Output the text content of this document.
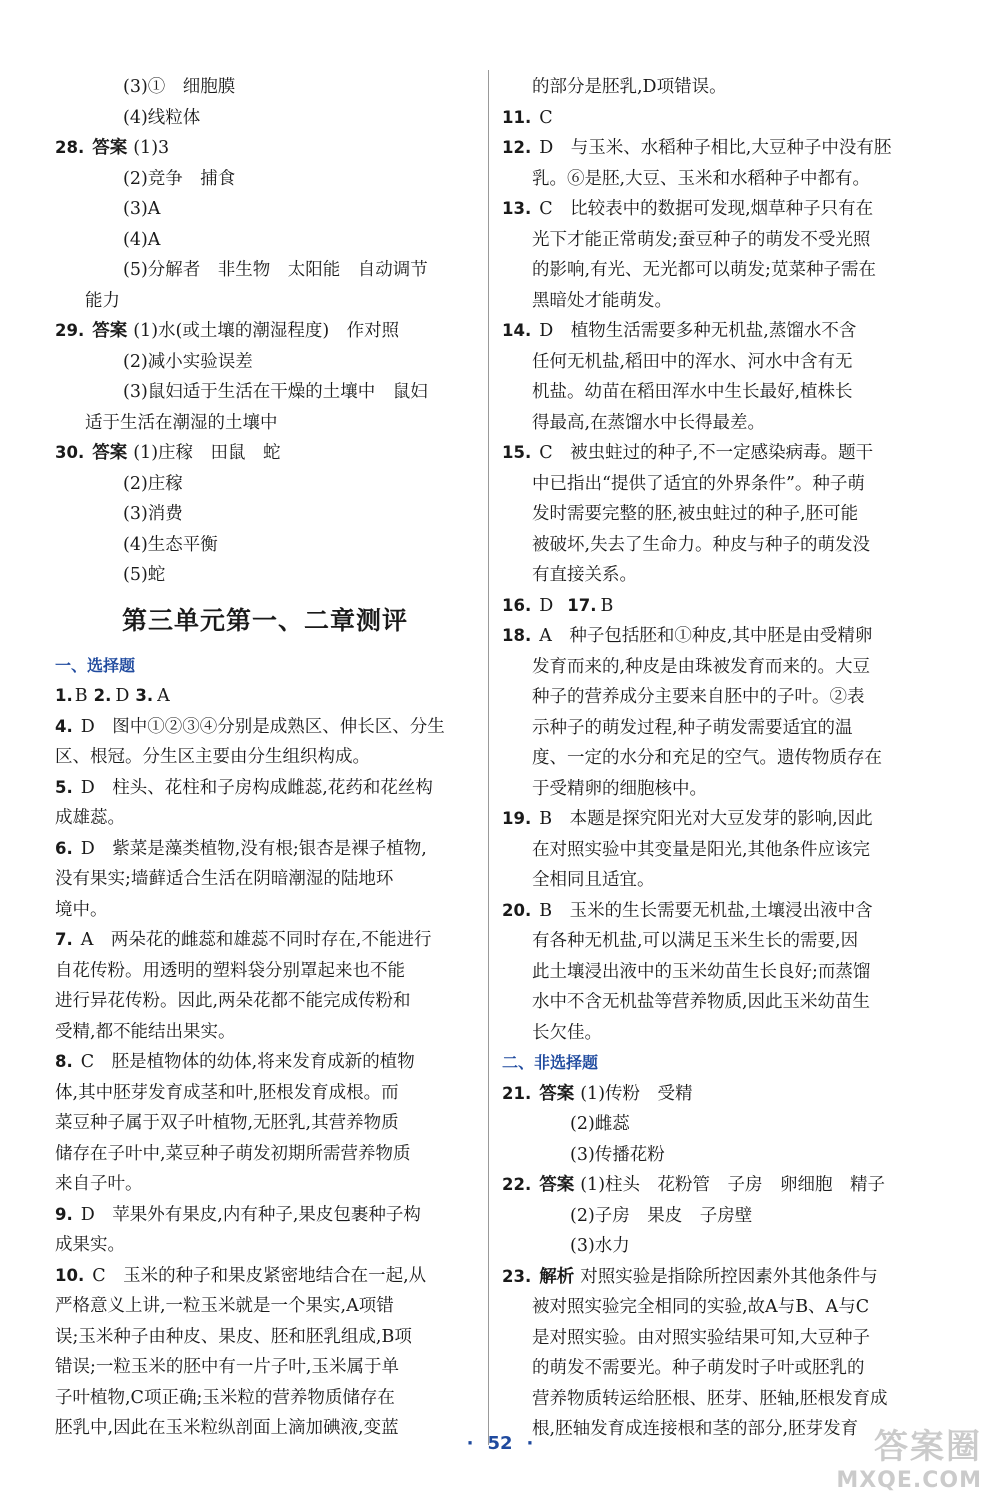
(3)①　细胞膜
(4)线粒体
28. 答案 (1)3
(2)竞争　捕食
(3)A
(4)A
(5)分解者　非生物　太阳能　自动调节
能力
29. 答案 (1)水(或土壤的潮湿程度)　作对照
(2)减小实验误差
(3)鼠妇适于生活在干燥的土壤中　鼠妇
适于生活在潮湿的土壤中
30. 答案 (1)庄稼　田鼠　蛇
(2)庄稼
(3)消费
(4)生态平衡
(5)蛇
第三单元第一、二章测评
一、选择题
1. B 2. D 3. A
4. D　图中①②③④分别是成熟区、伸长区、分生
区、根冠。分生区主要由分生组织构成。
5. D　柱头、花柱和子房构成雌蕊,花药和花丝构
成雄蕊。
6. D　紫菜是藻类植物,没有根;银杏是裸子植物,
没有果实;墙藓适合生活在阴暗潮湿的陆地环
境中。
7. A　两朵花的雌蕊和雄蕊不同时存在,不能进行
自花传粉。用透明的塑料袋分别罩起来也不能
进行异花传粉。因此,两朵花都不能完成传粉和
受精,都不能结出果实。
8. C　胚是植物体的幼体,将来发育成新的植物
体,其中胚芽发育成茎和叶,胚根发育成根。而
菜豆种子属于双子叶植物,无胚乳,其营养物质
储存在子叶中,菜豆种子萌发初期所需营养物质
来自子叶。
9. D　苹果外有果皮,内有种子,果皮包裹种子构
成果实。
10. C　玉米的种子和果皮紧密地结合在一起,从
严格意义上讲,一粒玉米就是一个果实,A项错
误;玉米种子由种皮、果皮、胚和胚乳组成,B项
错误;一粒玉米的胚中有一片子叶,玉米属于单
子叶植物,C项正确;玉米粒的营养物质储存在
胚乳中,因此在玉米粒纵剖面上滴加碘液,变蓝
的部分是胚乳,D项错误。
11. C
12. D　与玉米、水稻种子相比,大豆种子中没有胚
乳。⑥是胚,大豆、玉米和水稻种子中都有。
13. C　比较表中的数据可发现,烟草种子只有在
光下才能正常萌发;蚕豆种子的萌发不受光照
的影响,有光、无光都可以萌发;苋菜种子需在
黑暗处才能萌发。
14. D　植物生活需要多种无机盐,蒸馏水不含
任何无机盐,稻田中的浑水、河水中含有无
机盐。幼苗在稻田浑水中生长最好,植株长
得最高,在蒸馏水中长得最差。
15. C　被虫蛀过的种子,不一定感染病毒。题干
中已指出“提供了适宜的外界条件”。种子萌
发时需要完整的胚,被虫蛀过的种子,胚可能
被破坏,失去了生命力。种皮与种子的萌发没
有直接关系。
16. D 17. B
18. A　种子包括胚和①种皮,其中胚是由受精卵
发育而来的,种皮是由珠被发育而来的。大豆
种子的营养成分主要来自胚中的子叶。②表
示种子的萌发过程,种子萌发需要适宜的温
度、一定的水分和充足的空气。遗传物质存在
于受精卵的细胞核中。
19. B　本题是探究阳光对大豆发芽的影响,因此
在对照实验中其变量是阳光,其他条件应该完
全相同且适宜。
20. B　玉米的生长需要无机盐,土壤浸出液中含
有各种无机盐,可以满足玉米生长的需要,因
此土壤浸出液中的玉米幼苗生长良好;而蒸馏
水中不含无机盐等营养物质,因此玉米幼苗生
长欠佳。
二、非选择题
21. 答案 (1)传粉　受精
(2)雌蕊
(3)传播花粉
22. 答案 (1)柱头　花粉管　子房　卵细胞　精子
(2)子房　果皮　子房壁
(3)水力
23. 解析 对照实验是指除所控因素外其他条件与
被对照实验完全相同的实验,故A与B、A与C
是对照实验。由对照实验结果可知,大豆种子
的萌发不需要光。种子萌发时子叶或胚乳的
营养物质转运给胚根、胚芽、胚轴,胚根发育成
根,胚轴发育成连接根和茎的部分,胚芽发育
· 52 ·	答案圈
MXQE.COM
